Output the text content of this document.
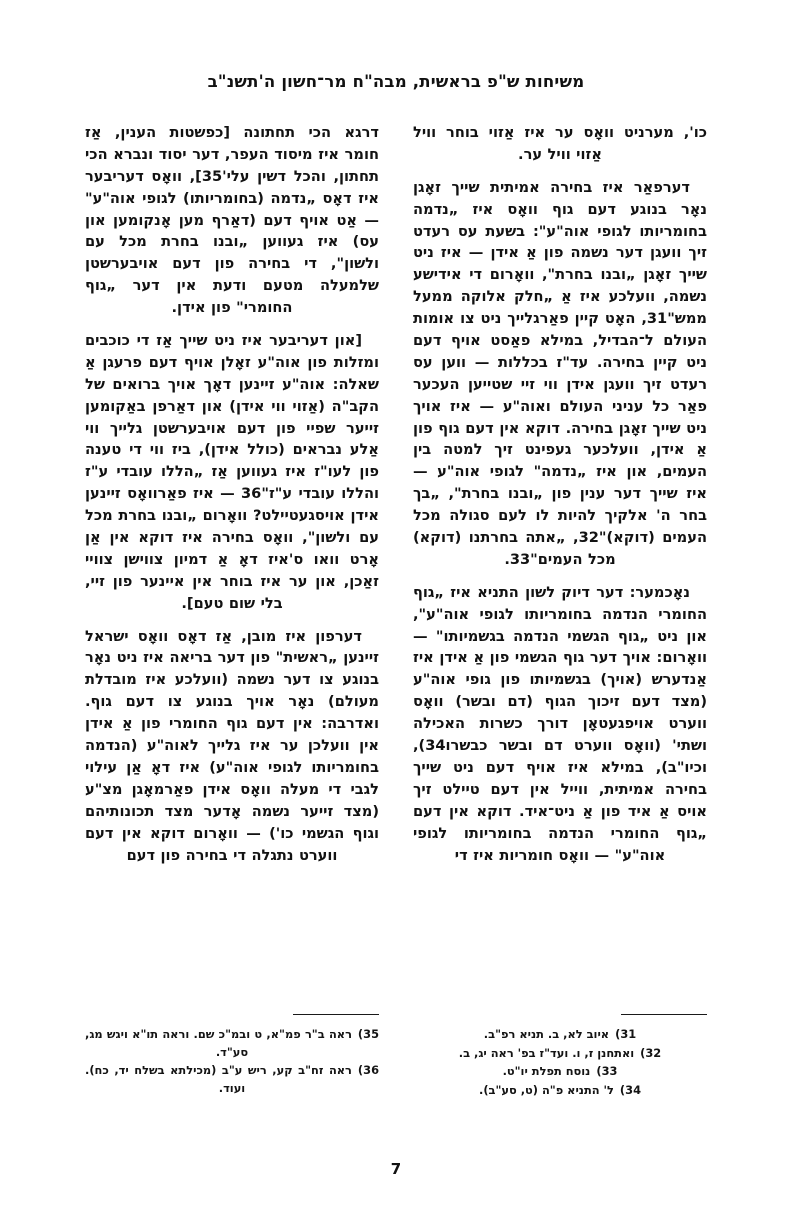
משיחות ש"פ בראשית, מבה"ח מר־חשון ה'תשנ"ב

כו', מערניט וואָס ער איז אַזוי בוחר וויל אַזוי וויל ער.

דערפאַר איז בחירה אמיתית שייך זאָגן נאָר בנוגע דעם גוף וואָס איז „נדמה בחומריותו לגופי אוה"ע": בשעת עס רעדט זיך וועגן דער נשמה פון אַ אידן — איז ניט שייך זאָגן „ובנו בחרת", וואָרום די אידישע נשמה, וועלכע איז אַ „חלק אלוקה ממעל ממש"31, האָט קיין פאַרגלייך ניט צו אומות העולם ל־הבדיל, במילא פאַסט אויף דעם ניט קיין בחירה. עד"ז בכללות — ווען עס רעדט זיך וועגן אידן ווי זיי שטייען העכער פאַר כל עניני העולם ואוה"ע — איז אויך ניט שייך זאָגן בחירה. דוקא אין דעם גוף פון אַ אידן, וועלכער געפינט זיך למטה בין העמים, און איז „נדמה" לגופי אוה"ע — איז שייך דער ענין פון „ובנו בחרת", „בך בחר ה' אלקיך להיות לו לעם סגולה מכל העמים (דוקא)"32, „אתה בחרתנו (דוקא) מכל העמים"33.

נאָכמער: דער דיוק לשון התניא איז „גוף החומרי הנדמה בחומריותו לגופי אוה"ע", און ניט „גוף הגשמי הנדמה בגשמיותו" — וואָרום: אויך דער גוף הגשמי פון אַ אידן איז אַנדערש (אויך) בגשמיותו פון גופי אוה"ע (מצד דעם זיכוך הגוף (דם ובשר) וואָס ווערט אויפגעטאָן דורך כשרות האכילה ושתי' (וואָס ווערט דם ובשר כבשרו34), וכיו"ב), במילא איז אויף דעם ניט שייך בחירה אמיתית, ווייל אין דעם טיילט זיך אויס אַ איד פון אַ ניט־איד. דוקא אין דעם „גוף החומרי הנדמה בחומריותו לגופי אוה"ע" — וואָס חומריות איז די

דרגא הכי תחתונה [כפשטות הענין, אַז חומר איז מיסוד העפר, דער יסוד ונברא הכי תחתון, והכל דשין עלי'35], וואָס דעריבער איז דאָס „נדמה (בחומריותו) לגופי אוה"ע" — אַט אויף דעם (דאַרף מען אָנקומען און עס) איז געווען „ובנו בחרת מכל עם ולשון", די בחירה פון דעם אויבערשטן שלמעלה מטעם ודעת אין דער „גוף החומרי" פון אידן.

[און דעריבער איז ניט שייך אַז די כוכבים ומזלות פון אוה"ע זאָלן אויף דעם פרעגן אַ שאלה: אוה"ע זיינען דאָך אויך ברואים של הקב"ה (אַזוי ווי אידן) און דאַרפן באַקומען זייער שפיי פון דעם אויבערשטן גלייך ווי אַלע נבראים (כולל אידן), ביז ווי די טענה פון לעו"ז איז געווען אַז „הללו עובדי ע"ז והללו עובדי ע"ז"36 — איז פאַרוואָס זיינען אידן אויסגעטיילט? וואָרום „ובנו בחרת מכל עם ולשון", וואָס בחירה איז דוקא אין אַן אָרט וואו ס'איז דאָ אַ דמיון צווישן צוויי זאַכן, און ער איז בוחר אין איינער פון זיי, בלי שום טעם].

דערפון איז מובן, אַז דאָס וואָס ישראל זיינען „ראשית" פון דער בריאה איז ניט נאָר בנוגע צו דער נשמה (וועלכע איז מובדלת מעולם) נאָר אויך בנוגע צו דעם גוף. ואדרבה: אין דעם גוף החומרי פון אַ אידן אין וועלכן ער איז גלייך לאוה"ע (הנדמה בחומריותו לגופי אוה"ע) איז דאָ אַן עילוי לגבי די מעלה וואָס אידן פאַרמאָגן מצ"ע (מצד זייער נשמה אָדער מצד תכונותיהם וגוף הגשמי כו') — וואָרום דוקא אין דעם ווערט נתגלה די בחירה פון דעם

31)איוב לא, ב. תניא רפ"ב.

32)ואתחנן ז, ו. ועד"ז בפ' ראה יג, ב.

33)נוסח תפלת יו"ט.

34)ל' התניא פ"ה (ט, סע"ב).

35)ראה ב"ר פמ"א, ט ובמ"כ שם. וראה תו"א ויגש מג, סע"ד.

36)ראה זח"ב קע, ריש ע"ב (מכילתא בשלח יד, כח). ועוד.

7
